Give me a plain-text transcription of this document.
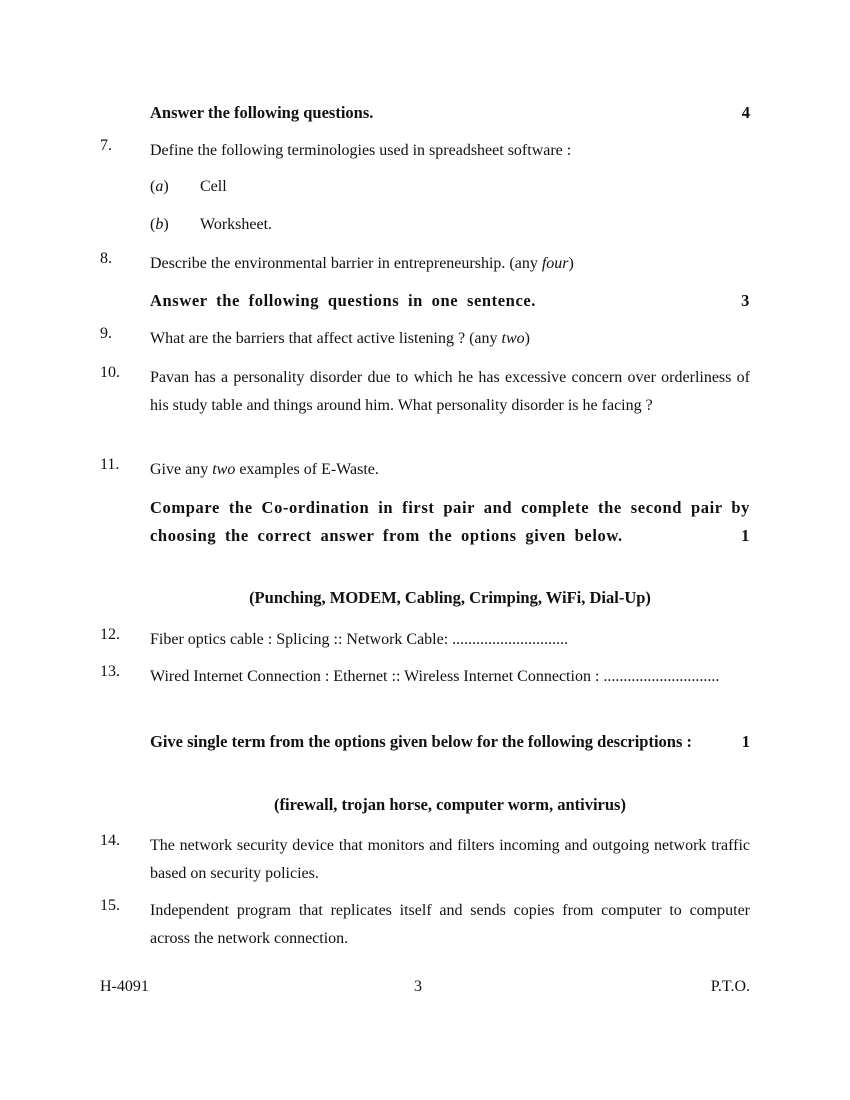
Answer the following questions.	4
7.	Define the following terminologies used in spreadsheet software :
(a) Cell
(b) Worksheet.
8.	Describe the environmental barrier in entrepreneurship. (any four)
Answer the following questions in one sentence.	3
9.	What are the barriers that affect active listening ? (any two)
10.	Pavan has a personality disorder due to which he has excessive concern over orderliness of his study table and things around him. What personality disorder is he facing ?
11.	Give any two examples of E-Waste.
Compare the Co-ordination in first pair and complete the second pair by choosing the correct answer from the options given below.	1
(Punching, MODEM, Cabling, Crimping, WiFi, Dial-Up)
12.	Fiber optics cable : Splicing :: Network Cable: .............................
13.	Wired Internet Connection : Ethernet :: Wireless Internet Connection : .............................
Give single term from the options given below for the following descriptions :	1
(firewall, trojan horse, computer worm, antivirus)
14.	The network security device that monitors and filters incoming and outgoing network traffic based on security policies.
15.	Independent program that replicates itself and sends copies from computer to computer across the network connection.
H-4091	3	P.T.O.
